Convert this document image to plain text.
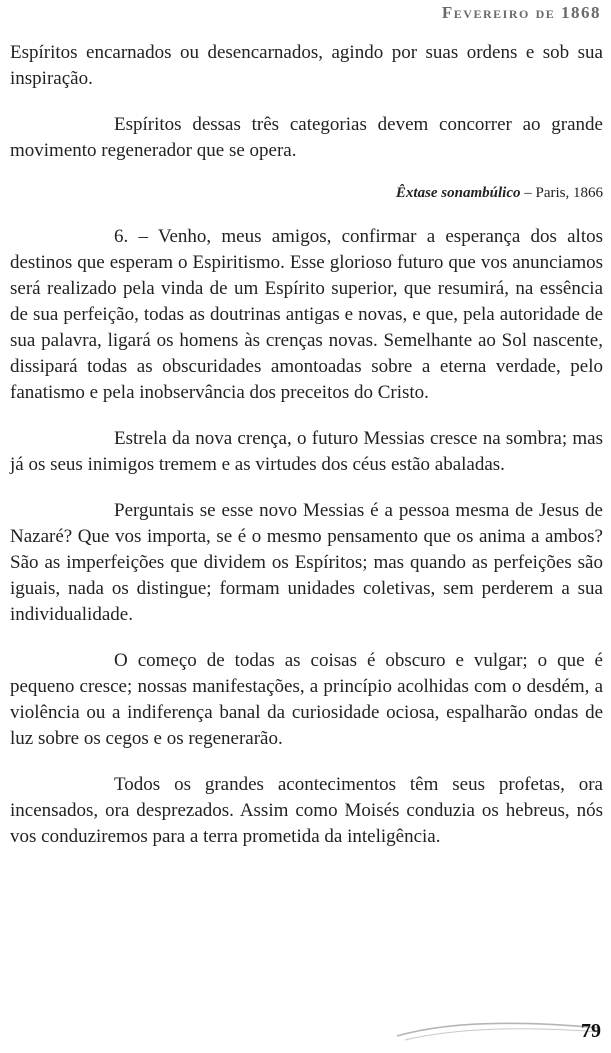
Fevereiro de 1868

Espíritos encarnados ou desencarnados, agindo por suas ordens e sob sua inspiração.

Espíritos dessas três categorias devem concorrer ao grande movimento regenerador que se opera.

Êxtase sonambúlico – Paris, 1866

6. – Venho, meus amigos, confirmar a esperança dos altos destinos que esperam o Espiritismo. Esse glorioso futuro que vos anunciamos será realizado pela vinda de um Espírito superior, que resumirá, na essência de sua perfeição, todas as doutrinas antigas e novas, e que, pela autoridade de sua palavra, ligará os homens às crenças novas. Semelhante ao Sol nascente, dissipará todas as obscuridades amontoadas sobre a eterna verdade, pelo fanatismo e pela inobservância dos preceitos do Cristo.

Estrela da nova crença, o futuro Messias cresce na sombra; mas já os seus inimigos tremem e as virtudes dos céus estão abaladas.

Perguntais se esse novo Messias é a pessoa mesma de Jesus de Nazaré? Que vos importa, se é o mesmo pensamento que os anima a ambos? São as imperfeições que dividem os Espíritos; mas quando as perfeições são iguais, nada os distingue; formam unidades coletivas, sem perderem a sua individualidade.

O começo de todas as coisas é obscuro e vulgar; o que é pequeno cresce; nossas manifestações, a princípio acolhidas com o desdém, a violência ou a indiferença banal da curiosidade ociosa, espalharão ondas de luz sobre os cegos e os regenerarão.

Todos os grandes acontecimentos têm seus profetas, ora incensados, ora desprezados. Assim como Moisés conduzia os hebreus, nós vos conduziremos para a terra prometida da inteligência.

79
